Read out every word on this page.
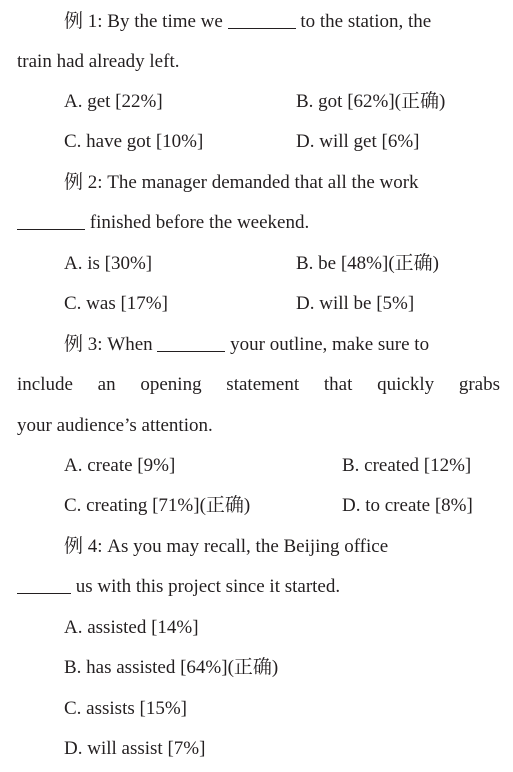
例 1: By the time we	to the station, the
train had already left.
A. get [22%]	B. got [62%](正确)
C. have got [10%]	D. will get [6%]
例 2: The manager demanded that all the work
finished before the weekend.
A. is [30%]	B. be [48%](正确)
C. was [17%]	D. will be [5%]
例 3: When	your outline, make sure to
include an opening statement that quickly grabs
your audience’s attention.
A. create [9%]	B. created [12%]
C. creating [71%](正确)	D. to create [8%]
例 4: As you may recall, the Beijing office
us with this project since it started.
A. assisted [14%]
B. has assisted [64%](正确)
C. assists [15%]
D. will assist [7%]
